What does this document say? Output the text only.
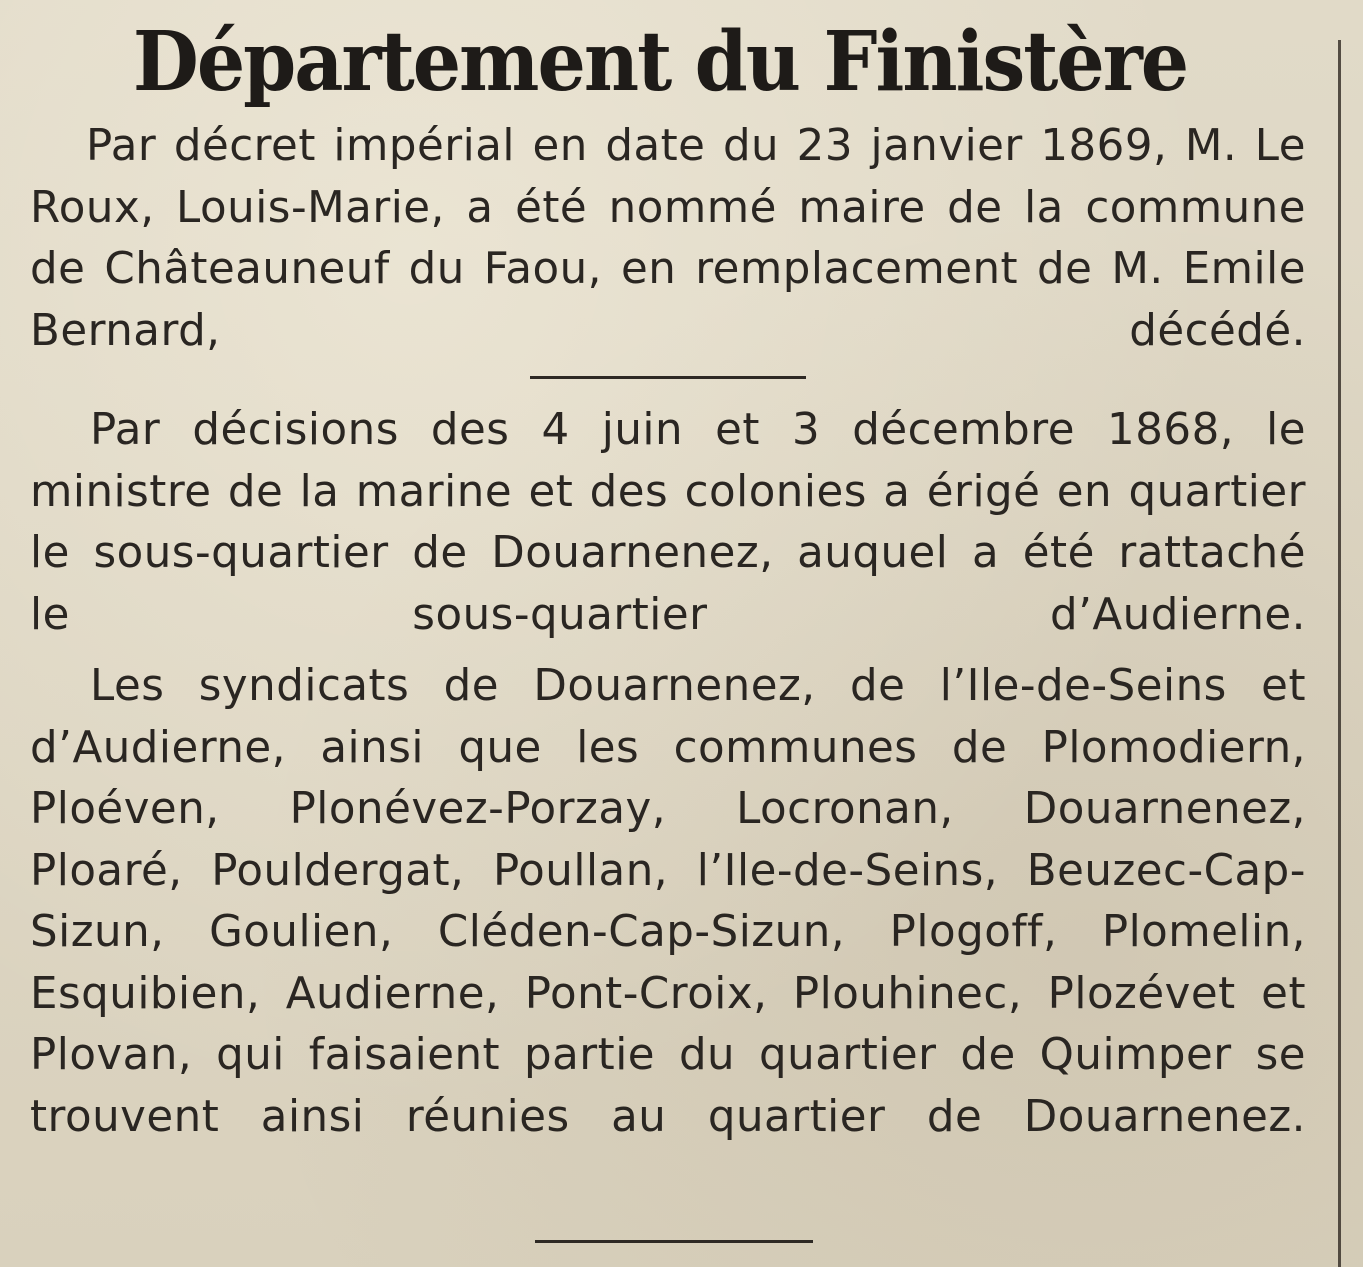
Département du Finistère
Par décret impérial en date du 23 janvier 1869, M. Le Roux, Louis-Marie, a été nommé maire de la commune de Châteauneuf du Faou, en remplacement de M. Emile Bernard, décédé.
Par décisions des 4 juin et 3 décembre 1868, le ministre de la marine et des colonies a érigé en quartier le sous-quartier de Douarnenez, auquel a été rattaché le sous-quartier d’Audierne.
Les syndicats de Douarnenez, de l’Ile-de-Seins et d’Audierne, ainsi que les communes de Plomodiern, Ploéven, Plonévez-Porzay, Locronan, Douarnenez, Ploaré, Pouldergat, Poullan, l’Ile-de-Seins, Beuzec-Cap-Sizun, Goulien, Cléden-Cap-Sizun, Plogoff, Plomelin, Esquibien, Audierne, Pont-Croix, Plouhinec, Plozévet et Plovan, qui faisaient partie du quartier de Quimper se trouvent ainsi réunies au quartier de Douarnenez.
